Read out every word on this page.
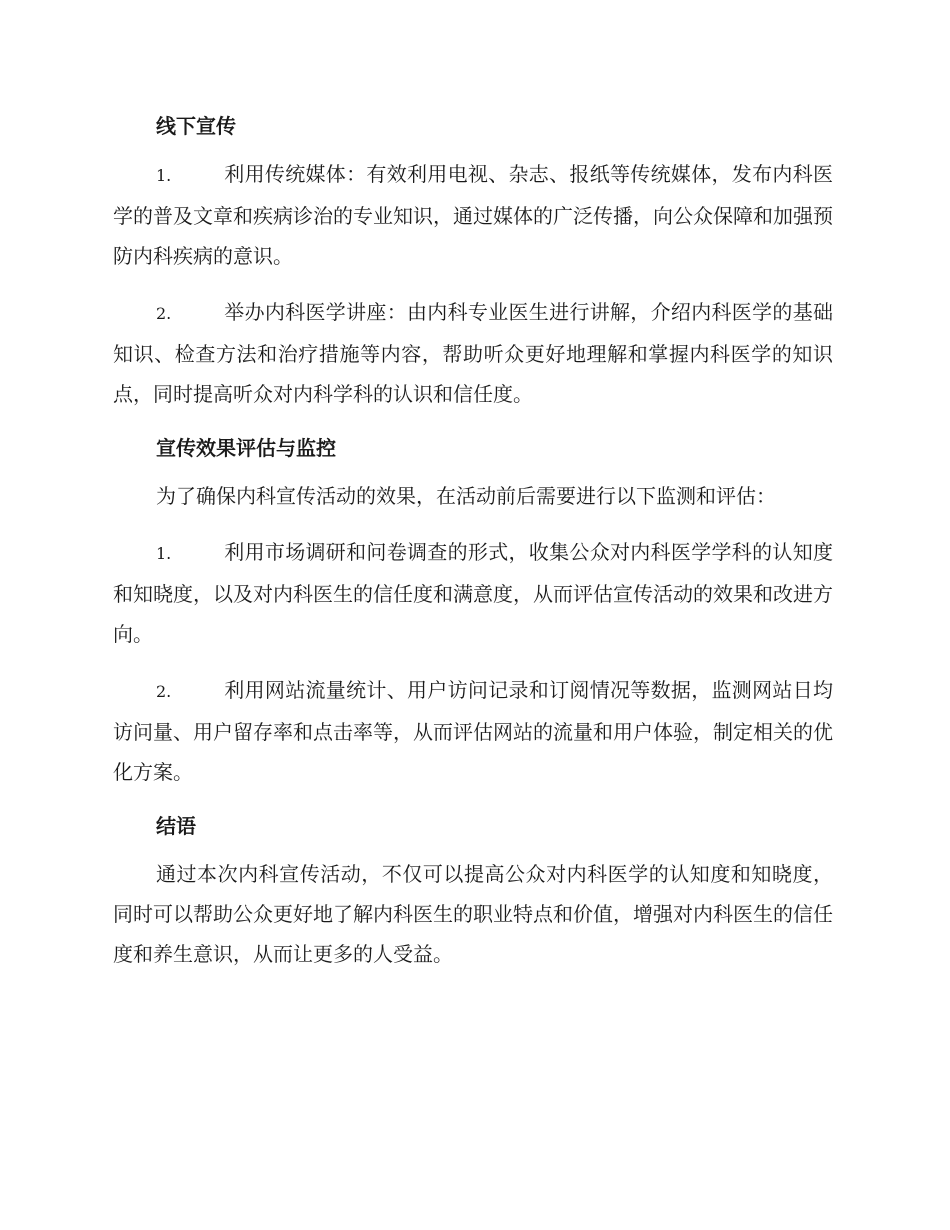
线下宣传

1.	利用传统媒体：有效利用电视、杂志、报纸等传统媒体，发布内科医学的普及文章和疾病诊治的专业知识，通过媒体的广泛传播，向公众保障和加强预防内科疾病的意识。

2.	举办内科医学讲座：由内科专业医生进行讲解，介绍内科医学的基础知识、检查方法和治疗措施等内容，帮助听众更好地理解和掌握内科医学的知识点，同时提高听众对内科学科的认识和信任度。

宣传效果评估与监控

为了确保内科宣传活动的效果，在活动前后需要进行以下监测和评估：

1.	利用市场调研和问卷调查的形式，收集公众对内科医学学科的认知度和知晓度，以及对内科医生的信任度和满意度，从而评估宣传活动的效果和改进方向。

2.	利用网站流量统计、用户访问记录和订阅情况等数据，监测网站日均访问量、用户留存率和点击率等，从而评估网站的流量和用户体验，制定相关的优化方案。

结语

通过本次内科宣传活动，不仅可以提高公众对内科医学的认知度和知晓度，同时可以帮助公众更好地了解内科医生的职业特点和价值，增强对内科医生的信任度和养生意识，从而让更多的人受益。
